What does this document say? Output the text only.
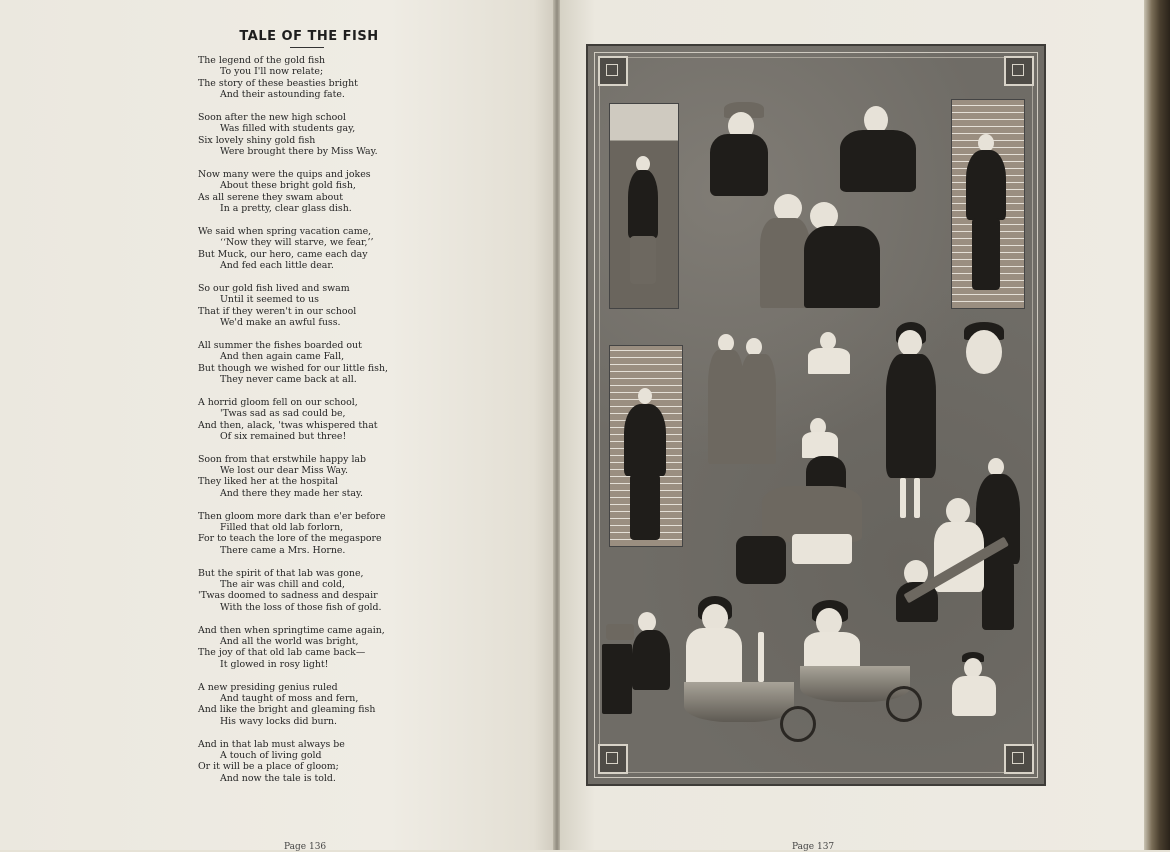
TALE OF THE FISH
The legend of the gold fish
To you I'll now relate;
The story of these beasties bright
And their astounding fate.
Soon after the new high school
Was filled with students gay,
Six lovely shiny gold fish
Were brought there by Miss Way.
Now many were the quips and jokes
About these bright gold fish,
As all serene they swam about
In a pretty, clear glass dish.
We said when spring vacation came,
‘‘Now they will starve, we fear,’’
But Muck, our hero, came each day
And fed each little dear.
So our gold fish lived and swam
Until it seemed to us
That if they weren't in our school
We'd make an awful fuss.
All summer the fishes boarded out
And then again came Fall,
But though we wished for our little fish,
They never came back at all.
A horrid gloom fell on our school,
'Twas sad as sad could be,
And then, alack, 'twas whispered that
Of six remained but three!
Soon from that erstwhile happy lab
We lost our dear Miss Way.
They liked her at the hospital
And there they made her stay.
Then gloom more dark than e'er before
Filled that old lab forlorn,
For to teach the lore of the megaspore
There came a Mrs. Horne.
But the spirit of that lab was gone,
The air was chill and cold,
'Twas doomed to sadness and despair
With the loss of those fish of gold.
And then when springtime came again,
And all the world was bright,
The joy of that old lab came back—
It glowed in rosy light!
A new presiding genius ruled
And taught of moss and fern,
And like the bright and gleaming fish
His wavy locks did burn.
And in that lab must always be
A touch of living gold
Or it will be a place of gloom;
And now the tale is told.
Page 136	Page 137
